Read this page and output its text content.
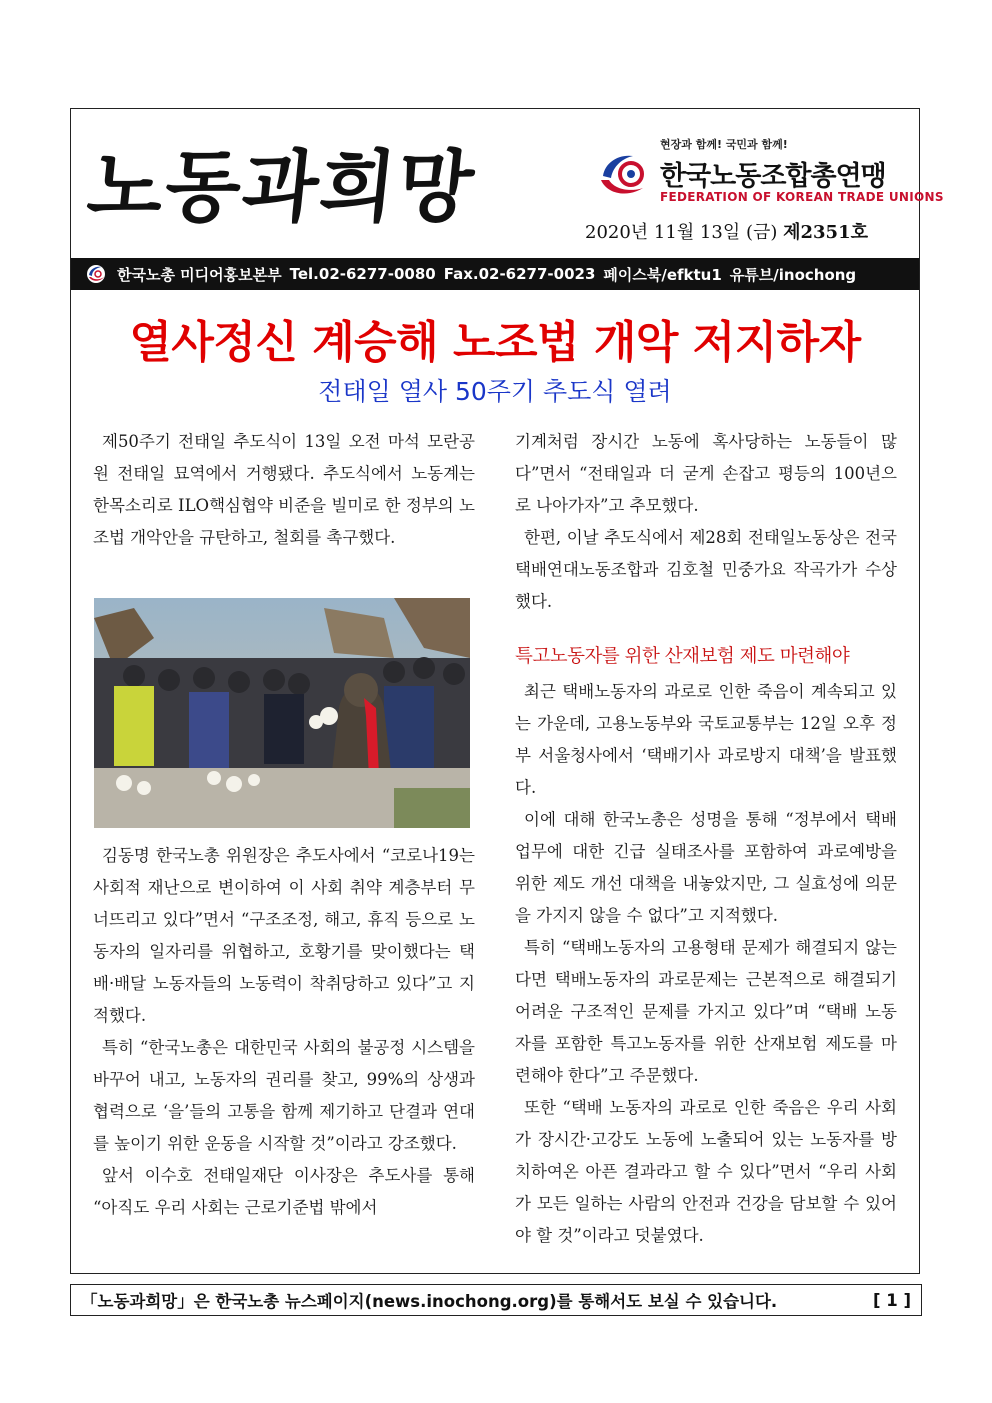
노동과희망	현장과 함께! 국민과 함께!
한국노동조합총연맹
FEDERATION OF KOREAN TRADE UNIONS
2020년 11월 13일 (금) 제2351호
한국노총 미디어홍보본부 Tel.02-6277-0080 Fax.02-6277-0023 페이스북/efktu1 유튜브/inochong
열사정신 계승해 노조법 개악 저지하자
전태일 열사 50주기 추도식 열려

제50주기 전태일 추도식이 13일 오전 마석 모란공원 전태일 묘역에서 거행됐다. 추도식에서 노동계는 한목소리로 ILO핵심협약 비준을 빌미로 한 정부의 노조법 개악안을 규탄하고, 철회를 촉구했다.

김동명 한국노총 위원장은 추도사에서 “코로나19는 사회적 재난으로 변이하여 이 사회 취약 계층부터 무너뜨리고 있다”면서 “구조조정, 해고, 휴직 등으로 노동자의 일자리를 위협하고, 호황기를 맞이했다는 택배·배달 노동자들의 노동력이 착취당하고 있다”고 지적했다.

특히 “한국노총은 대한민국 사회의 불공정 시스템을 바꾸어 내고, 노동자의 권리를 찾고, 99%의 상생과 협력으로 ‘을’들의 고통을 함께 제기하고 단결과 연대를 높이기 위한 운동을 시작할 것”이라고 강조했다.

앞서 이수호 전태일재단 이사장은 추도사를 통해 “아직도 우리 사회는 근로기준법 밖에서

기계처럼 장시간 노동에 혹사당하는 노동들이 많다”면서 “전태일과 더 굳게 손잡고 평등의 100년으로 나아가자”고 추모했다.

한편, 이날 추도식에서 제28회 전태일노동상은 전국택배연대노동조합과 김호철 민중가요 작곡가가 수상했다.

특고노동자를 위한 산재보험 제도 마련해야

최근 택배노동자의 과로로 인한 죽음이 계속되고 있는 가운데, 고용노동부와 국토교통부는 12일 오후 정부 서울청사에서 ‘택배기사 과로방지 대책’을 발표했다.

이에 대해 한국노총은 성명을 통해 “정부에서 택배업무에 대한 긴급 실태조사를 포함하여 과로예방을 위한 제도 개선 대책을 내놓았지만, 그 실효성에 의문을 가지지 않을 수 없다”고 지적했다.

특히 “택배노동자의 고용형태 문제가 해결되지 않는다면 택배노동자의 과로문제는 근본적으로 해결되기 어려운 구조적인 문제를 가지고 있다”며 “택배 노동자를 포함한 특고노동자를 위한 산재보험 제도를 마련해야 한다”고 주문했다.

또한 “택배 노동자의 과로로 인한 죽음은 우리 사회가 장시간·고강도 노동에 노출되어 있는 노동자를 방치하여온 아픈 결과라고 할 수 있다”면서 “우리 사회가 모든 일하는 사람의 안전과 건강을 담보할 수 있어야 할 것”이라고 덧붙였다.

「노동과희망」은 한국노총 뉴스페이지(news.inochong.org)를 통해서도 보실 수 있습니다.	[ 1 ]
